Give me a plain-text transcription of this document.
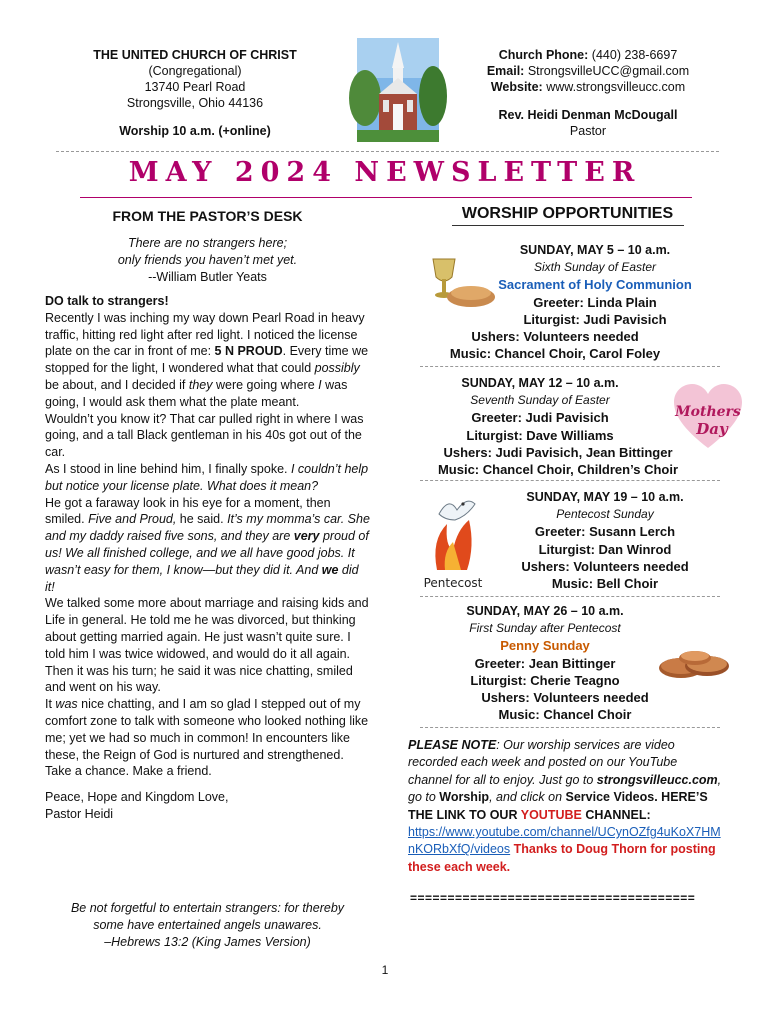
THE UNITED CHURCH OF CHRIST
(Congregational)
13740 Pearl Road
Strongsville, Ohio 44136
Worship 10 a.m. (+online)
Church Phone: (440) 238-6697
Email: StrongsvilleUCC@gmail.com
Website: www.strongsvilleucc.com
Rev. Heidi Denman McDougall
Pastor
MAY 2024 NEWSLETTER
FROM THE PASTOR’S DESK
There are no strangers here;
only friends you haven’t met yet.
--William Butler Yeats
DO talk to strangers!
Recently I was inching my way down Pearl Road in heavy traffic, hitting red light after red light. I noticed the license plate on the car in front of me: 5 N PROUD. Every time we stopped for the light, I wondered what that could possibly be about, and I decided if they were going where I was going, I would ask them what the plate meant.
Wouldn’t you know it? That car pulled right in where I was going, and a tall Black gentleman in his 40s got out of the car.
As I stood in line behind him, I finally spoke. I couldn’t help but notice your license plate. What does it mean?
He got a faraway look in his eye for a moment, then smiled. Five and Proud, he said. It’s my momma’s car. She and my daddy raised five sons, and they are very proud of us! We all finished college, and we all have good jobs. It wasn’t easy for them, I know—but they did it. And we did it!
We talked some more about marriage and raising kids and Life in general. He told me he was divorced, but thinking about getting married again. He just wasn’t quite sure. I told him I was twice widowed, and would do it all again.
Then it was his turn; he said it was nice chatting, smiled and went on his way.
It was nice chatting, and I am so glad I stepped out of my comfort zone to talk with someone who looked nothing like me; yet we had so much in common! In encounters like these, the Reign of God is nurtured and strengthened. Take a chance. Make a friend.
Peace, Hope and Kingdom Love,
Pastor Heidi
Be not forgetful to entertain strangers: for thereby
some have entertained angels unawares.
–Hebrews 13:2 (King James Version)
1
WORSHIP OPPORTUNITIES
SUNDAY, MAY 5 – 10 a.m.
Sixth Sunday of Easter
Sacrament of Holy Communion
Greeter: Linda Plain
Liturgist: Judi Pavisich
Ushers: Volunteers needed
Music: Chancel Choir, Carol Foley
SUNDAY, MAY 12 – 10 a.m.
Seventh Sunday of Easter
Greeter: Judi Pavisich
Liturgist: Dave Williams
Ushers: Judi Pavisich, Jean Bittinger
Music: Chancel Choir, Children’s Choir
Mothers
Day
Pentecost
SUNDAY, MAY 19 – 10 a.m.
Pentecost Sunday
Greeter: Susann Lerch
Liturgist: Dan Winrod
Ushers: Volunteers needed
Music: Bell Choir
SUNDAY, MAY 26 – 10 a.m.
First Sunday after Pentecost
Penny Sunday
Greeter: Jean Bittinger
Liturgist: Cherie Teagno
Ushers: Volunteers needed
Music: Chancel Choir
PLEASE NOTE: Our worship services are video recorded each week and posted on our YouTube channel for all to enjoy. Just go to strongsvilleucc.com, go to Worship, and click on Service Videos. HERE’S THE LINK TO OUR YOUTUBE CHANNEL:
https://www.youtube.com/channel/UCynOZfg4uKoX7HMnKORbXfQ/videos Thanks to Doug Thorn for posting these each week.
======================================
